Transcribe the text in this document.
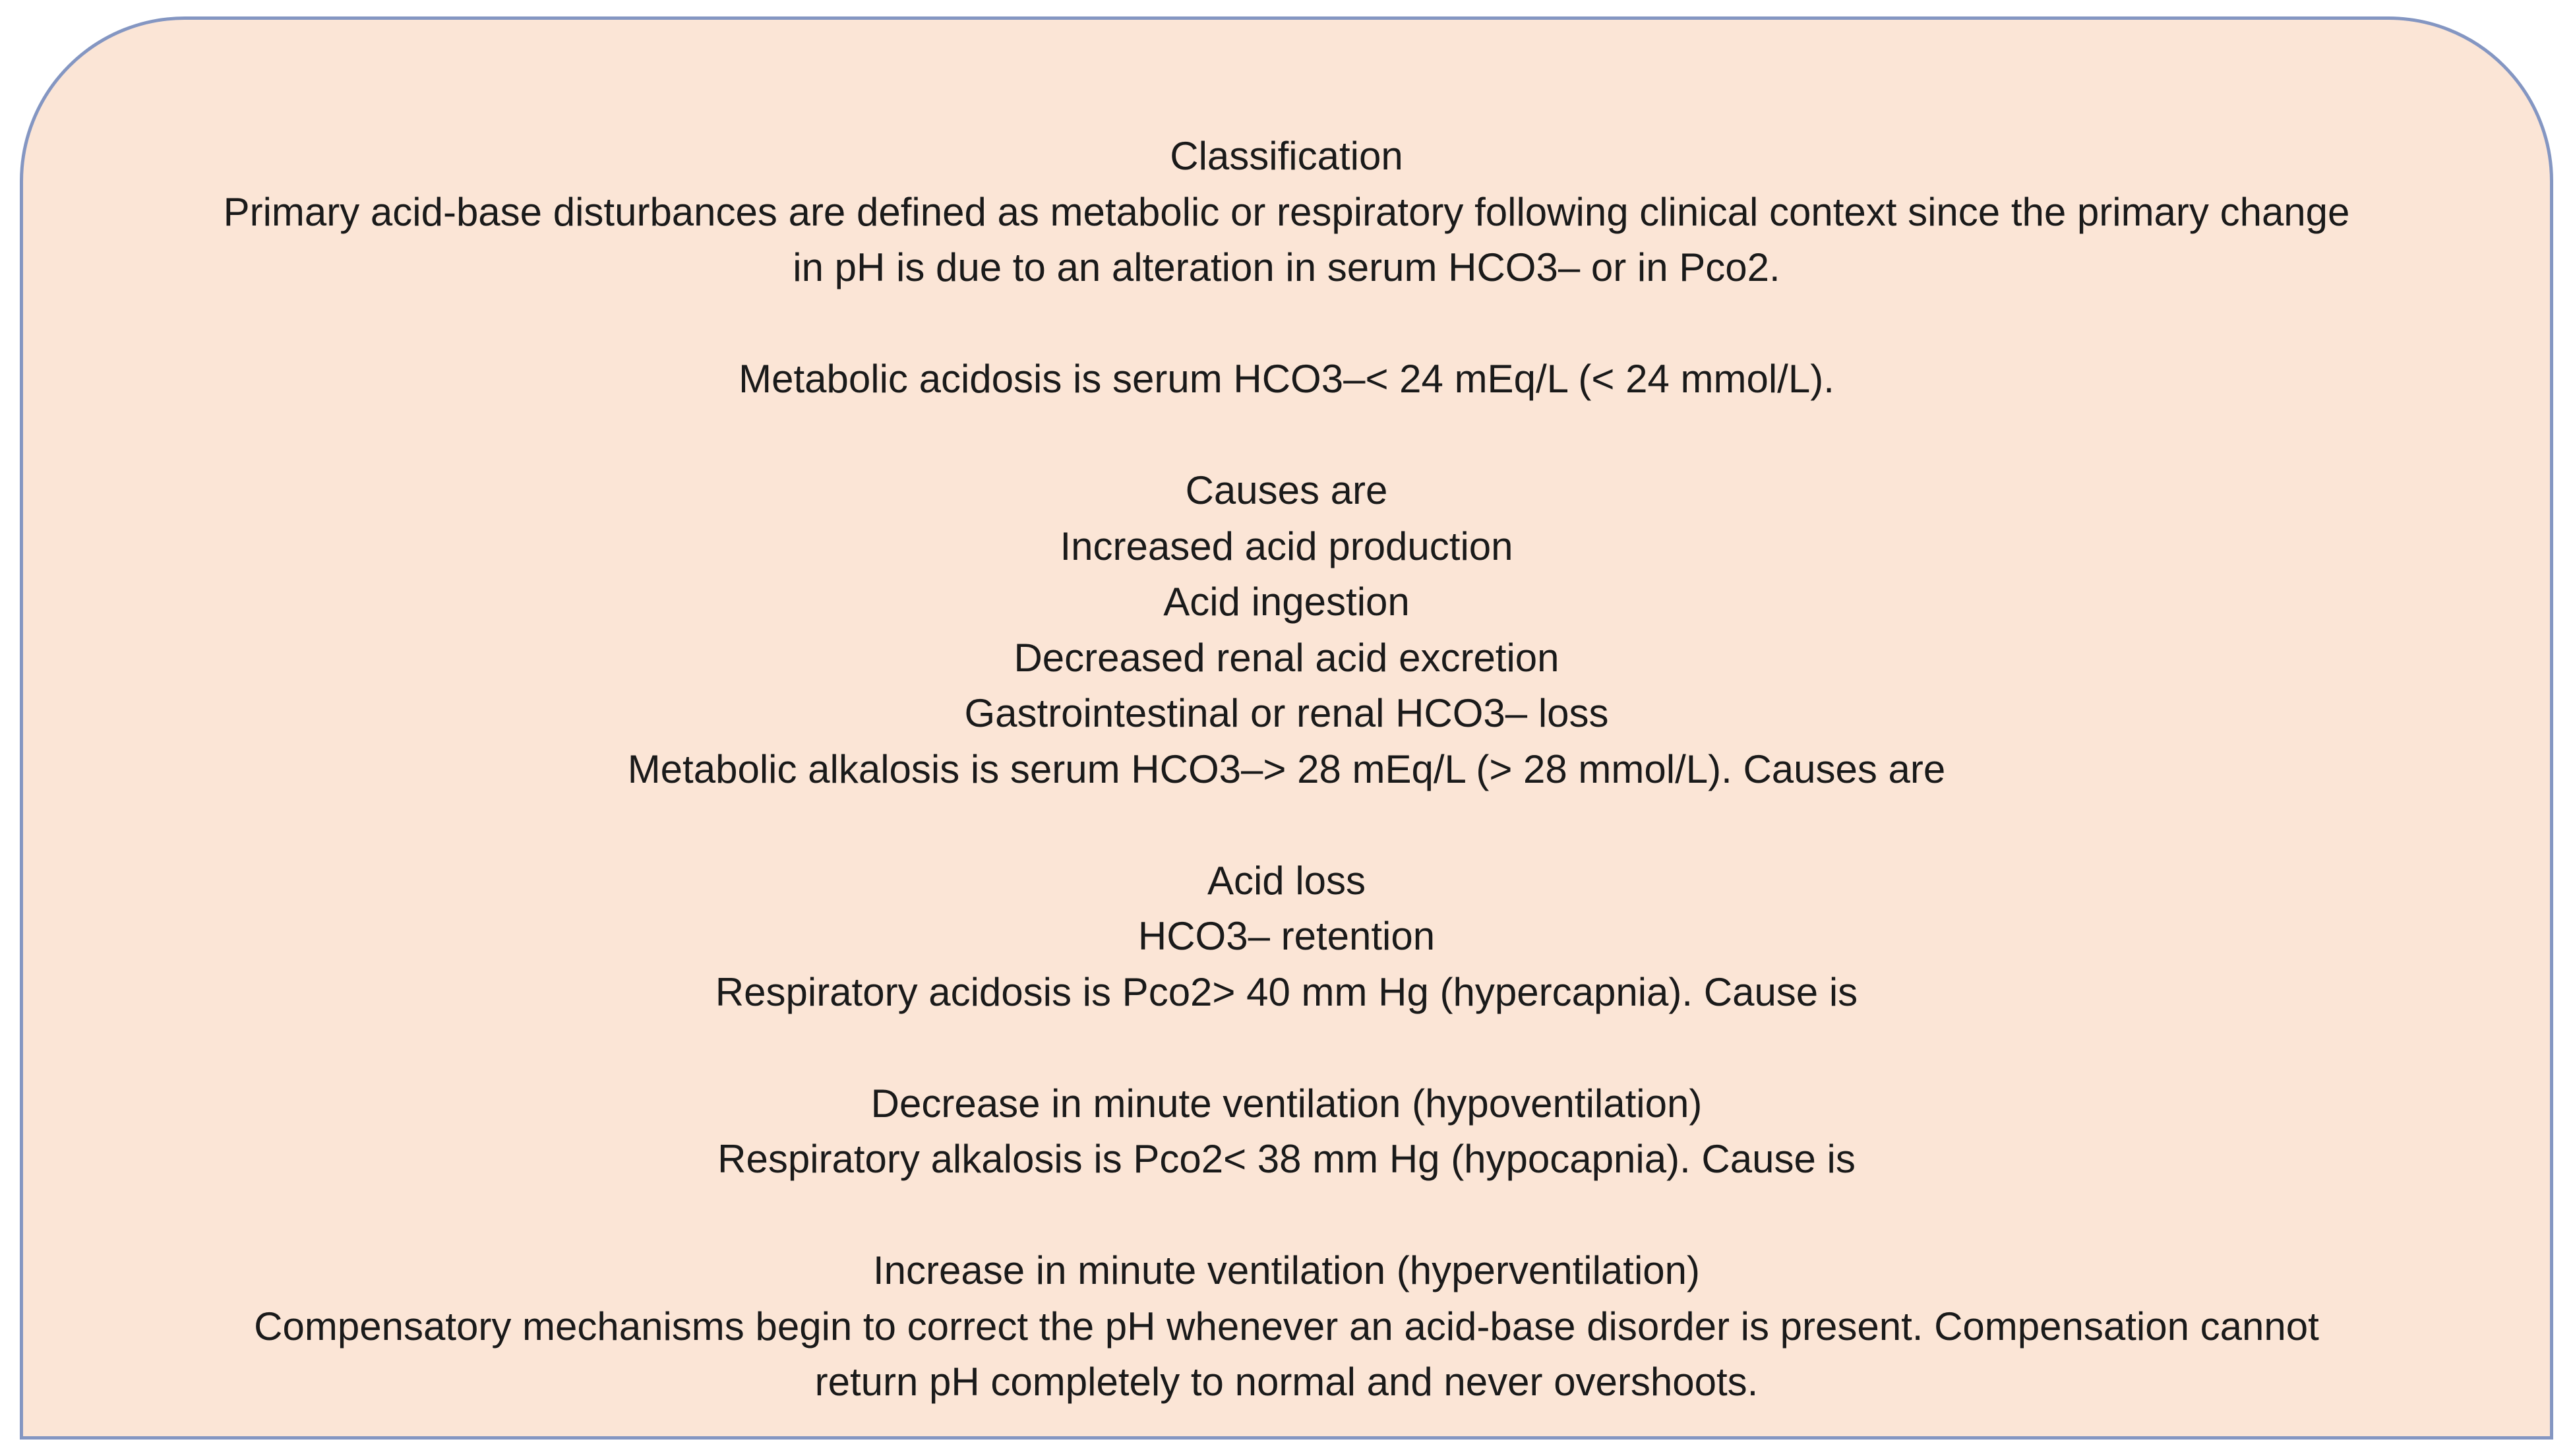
Classification
Primary acid-base disturbances are defined as metabolic or respiratory following clinical context since the primary change
in pH is due to an alteration in serum HCO3– or in Pco2.
Metabolic acidosis is serum HCO3–< 24 mEq/L (< 24 mmol/L).
Causes are
Increased acid production
Acid ingestion
Decreased renal acid excretion
Gastrointestinal or renal HCO3– loss
Metabolic alkalosis is serum HCO3–> 28 mEq/L (> 28 mmol/L). Causes are
Acid loss
HCO3– retention
Respiratory acidosis is Pco2> 40 mm Hg (hypercapnia). Cause is
Decrease in minute ventilation (hypoventilation)
Respiratory alkalosis is Pco2< 38 mm Hg (hypocapnia). Cause is
Increase in minute ventilation (hyperventilation)
Compensatory mechanisms begin to correct the pH whenever an acid-base disorder is present. Compensation cannot
return pH completely to normal and never overshoots.
